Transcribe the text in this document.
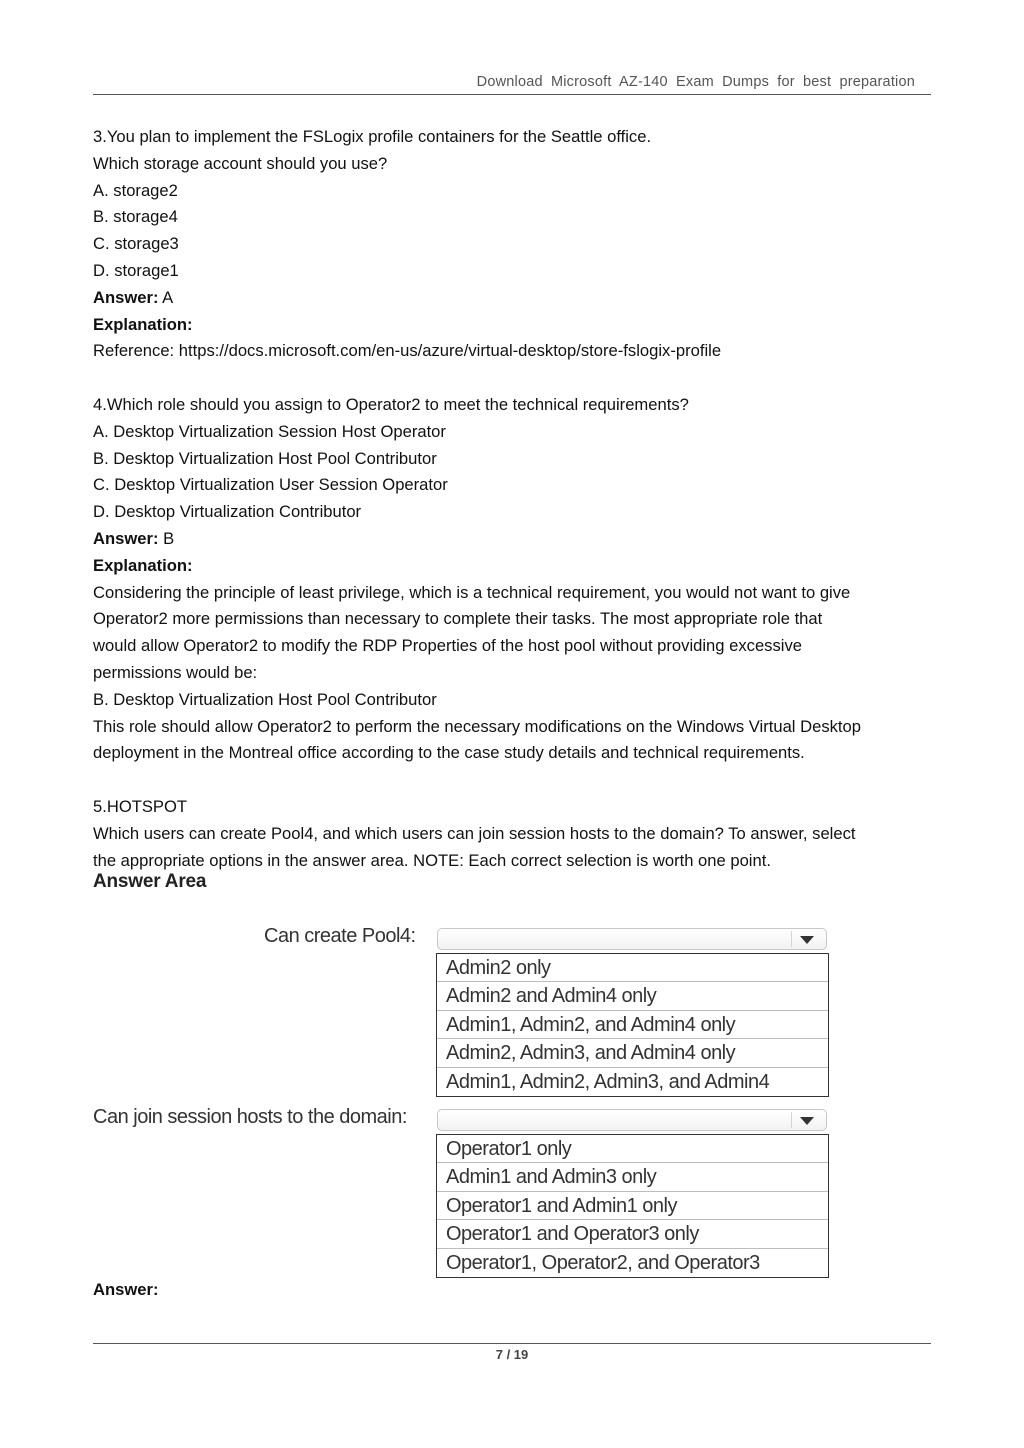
Download Microsoft AZ-140 Exam Dumps for best preparation

3.You plan to implement the FSLogix profile containers for the Seattle office.

Which storage account should you use?

A. storage2

B. storage4

C. storage3

D. storage1

Answer: A

Explanation:

Reference: https://docs.microsoft.com/en-us/azure/virtual-desktop/store-fslogix-profile

4.Which role should you assign to Operator2 to meet the technical requirements?

A. Desktop Virtualization Session Host Operator

B. Desktop Virtualization Host Pool Contributor

C. Desktop Virtualization User Session Operator

D. Desktop Virtualization Contributor

Answer: B

Explanation:

Considering the principle of least privilege, which is a technical requirement, you would not want to give

Operator2 more permissions than necessary to complete their tasks. The most appropriate role that

would allow Operator2 to modify the RDP Properties of the host pool without providing excessive

permissions would be:

B. Desktop Virtualization Host Pool Contributor

This role should allow Operator2 to perform the necessary modifications on the Windows Virtual Desktop

deployment in the Montreal office according to the case study details and technical requirements.

5.HOTSPOT

Which users can create Pool4, and which users can join session hosts to the domain? To answer, select

the appropriate options in the answer area. NOTE: Each correct selection is worth one point.

Answer Area
Can create Pool4:
Admin2 only
Admin2 and Admin4 only
Admin1, Admin2, and Admin4 only
Admin2, Admin3, and Admin4 only
Admin1, Admin2, Admin3, and Admin4
Can join session hosts to the domain:
Operator1 only
Admin1 and Admin3 only
Operator1 and Admin1 only
Operator1 and Operator3 only
Operator1, Operator2, and Operator3
Answer:
7 / 19
